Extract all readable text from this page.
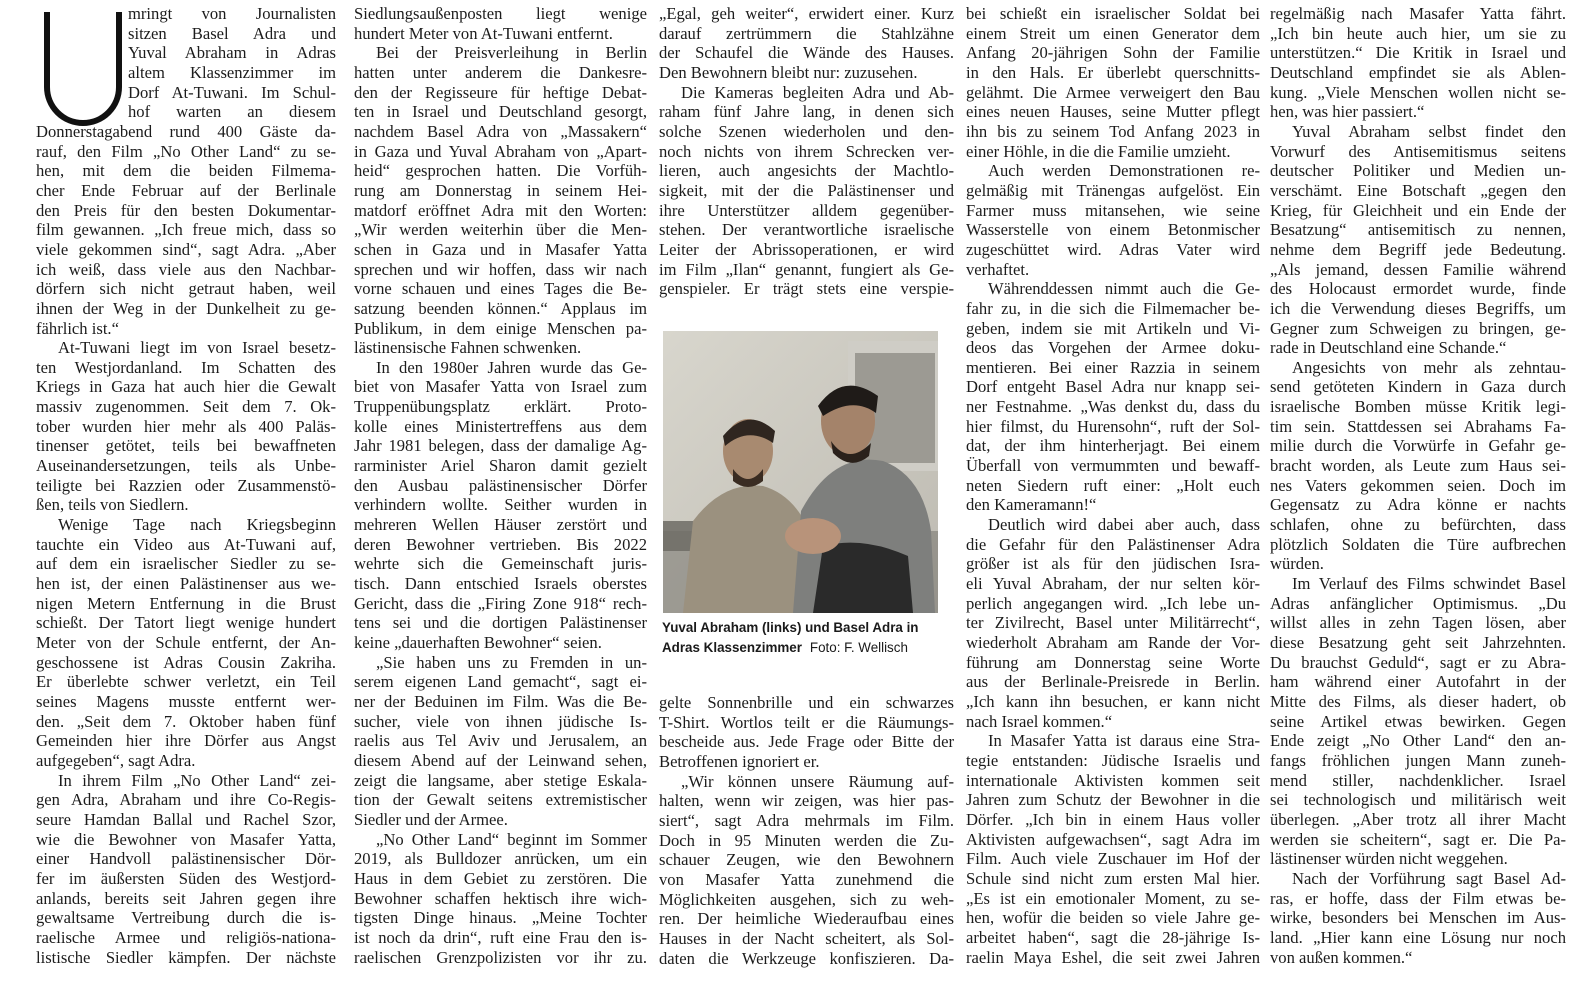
mringt von Journalisten
sitzen Basel Adra und
Yuval Abraham in Adras
altem Klassenzimmer im
Dorf At-Tuwani. Im Schul-
hof warten an diesem
Donnerstagabend rund 400 Gäste da-
rauf, den Film „No Other Land“ zu se-
hen, mit dem die beiden Filmema-
cher Ende Februar auf der Berlinale
den Preis für den besten Dokumentar-
film gewannen. „Ich freue mich, dass so
viele gekommen sind“, sagt Adra. „Aber
ich weiß, dass viele aus den Nachbar-
dörfern sich nicht getraut haben, weil
ihnen der Weg in der Dunkelheit zu ge-
fährlich ist.“
At-Tuwani liegt im von Israel besetz-
ten Westjordanland. Im Schatten des
Kriegs in Gaza hat auch hier die Gewalt
massiv zugenommen. Seit dem 7. Ok-
tober wurden hier mehr als 400 Paläs-
tinenser getötet, teils bei bewaffneten
Auseinandersetzungen, teils als Unbe-
teiligte bei Razzien oder Zusammenstö-
ßen, teils von Siedlern.
Wenige Tage nach Kriegsbeginn
tauchte ein Video aus At-Tuwani auf,
auf dem ein israelischer Siedler zu se-
hen ist, der einen Palästinenser aus we-
nigen Metern Entfernung in die Brust
schießt. Der Tatort liegt wenige hundert
Meter von der Schule entfernt, der An-
geschossene ist Adras Cousin Zakriha.
Er überlebte schwer verletzt, ein Teil
seines Magens musste entfernt wer-
den. „Seit dem 7. Oktober haben fünf
Gemeinden hier ihre Dörfer aus Angst
aufgegeben“, sagt Adra.
In ihrem Film „No Other Land“ zei-
gen Adra, Abraham und ihre Co-Regis-
seure Hamdan Ballal und Rachel Szor,
wie die Bewohner von Masafer Yatta,
einer Handvoll palästinensischer Dör-
fer im äußersten Süden des Westjord-
anlands, bereits seit Jahren gegen ihre
gewaltsame Vertreibung durch die is-
raelische Armee und religiös-nationa-
listische Siedler kämpfen. Der nächste
Siedlungsaußenposten liegt wenige
hundert Meter von At-Tuwani entfernt.
Bei der Preisverleihung in Berlin
hatten unter anderem die Dankesre-
den der Regisseure für heftige Debat-
ten in Israel und Deutschland gesorgt,
nachdem Basel Adra von „Massakern“
in Gaza und Yuval Abraham von „Apart-
heid“ gesprochen hatten. Die Vorfüh-
rung am Donnerstag in seinem Hei-
matdorf eröffnet Adra mit den Worten:
„Wir werden weiterhin über die Men-
schen in Gaza und in Masafer Yatta
sprechen und wir hoffen, dass wir nach
vorne schauen und eines Tages die Be-
satzung beenden können.“ Applaus im
Publikum, in dem einige Menschen pa-
lästinensische Fahnen schwenken.
In den 1980er Jahren wurde das Ge-
biet von Masafer Yatta von Israel zum
Truppenübungsplatz erklärt. Proto-
kolle eines Ministertreffens aus dem
Jahr 1981 belegen, dass der damalige Ag-
rarminister Ariel Sharon damit gezielt
den Ausbau palästinensischer Dörfer
verhindern wollte. Seither wurden in
mehreren Wellen Häuser zerstört und
deren Bewohner vertrieben. Bis 2022
wehrte sich die Gemeinschaft juris-
tisch. Dann entschied Israels oberstes
Gericht, dass die „Firing Zone 918“ rech-
tens sei und die dortigen Palästinenser
keine „dauerhaften Bewohner“ seien.
„Sie haben uns zu Fremden in un-
serem eigenen Land gemacht“, sagt ei-
ner der Beduinen im Film. Was die Be-
sucher, viele von ihnen jüdische Is-
raelis aus Tel Aviv und Jerusalem, an
diesem Abend auf der Leinwand sehen,
zeigt die langsame, aber stetige Eskala-
tion der Gewalt seitens extremistischer
Siedler und der Armee.
„No Other Land“ beginnt im Sommer
2019, als Bulldozer anrücken, um ein
Haus in dem Gebiet zu zerstören. Die
Bewohner schaffen hektisch ihre wich-
tigsten Dinge hinaus. „Meine Tochter
ist noch da drin“, ruft eine Frau den is-
raelischen Grenzpolizisten vor ihr zu.
„Egal, geh weiter“, erwidert einer. Kurz
darauf zertrümmern die Stahlzähne
der Schaufel die Wände des Hauses.
Den Bewohnern bleibt nur: zuzusehen.
Die Kameras begleiten Adra und Ab-
raham fünf Jahre lang, in denen sich
solche Szenen wiederholen und den-
noch nichts von ihrem Schrecken ver-
lieren, auch angesichts der Machtlo-
sigkeit, mit der die Palästinenser und
ihre Unterstützer alldem gegenüber-
stehen. Der verantwortliche israelische
Leiter der Abrissoperationen, er wird
im Film „Ilan“ genannt, fungiert als Ge-
genspieler. Er trägt stets eine verspie-
gelte Sonnenbrille und ein schwarzes
T-Shirt. Wortlos teilt er die Räumungs-
bescheide aus. Jede Frage oder Bitte der
Betroffenen ignoriert er.
„Wir können unsere Räumung auf-
halten, wenn wir zeigen, was hier pas-
siert“, sagt Adra mehrmals im Film.
Doch in 95 Minuten werden die Zu-
schauer Zeugen, wie den Bewohnern
von Masafer Yatta zunehmend die
Möglichkeiten ausgehen, sich zu weh-
ren. Der heimliche Wiederaufbau eines
Hauses in der Nacht scheitert, als Sol-
daten die Werkzeuge konfiszieren. Da-
bei schießt ein israelischer Soldat bei
einem Streit um einen Generator dem
Anfang 20-jährigen Sohn der Familie
in den Hals. Er überlebt querschnitts-
gelähmt. Die Armee verweigert den Bau
eines neuen Hauses, seine Mutter pflegt
ihn bis zu seinem Tod Anfang 2023 in
einer Höhle, in die die Familie umzieht.
Auch werden Demonstrationen re-
gelmäßig mit Tränengas aufgelöst. Ein
Farmer muss mitansehen, wie seine
Wasserstelle von einem Betonmischer
zugeschüttet wird. Adras Vater wird
verhaftet.
Währenddessen nimmt auch die Ge-
fahr zu, in die sich die Filmemacher be-
geben, indem sie mit Artikeln und Vi-
deos das Vorgehen der Armee doku-
mentieren. Bei einer Razzia in seinem
Dorf entgeht Basel Adra nur knapp sei-
ner Festnahme. „Was denkst du, dass du
hier filmst, du Hurensohn“, ruft der Sol-
dat, der ihm hinterherjagt. Bei einem
Überfall von vermummten und bewaff-
neten Siedern ruft einer: „Holt euch
den Kameramann!“
Deutlich wird dabei aber auch, dass
die Gefahr für den Palästinenser Adra
größer ist als für den jüdischen Isra-
eli Yuval Abraham, der nur selten kör-
perlich angegangen wird. „Ich lebe un-
ter Zivilrecht, Basel unter Militärrecht“,
wiederholt Abraham am Rande der Vor-
führung am Donnerstag seine Worte
aus der Berlinale-Preisrede in Berlin.
„Ich kann ihn besuchen, er kann nicht
nach Israel kommen.“
In Masafer Yatta ist daraus eine Stra-
tegie entstanden: Jüdische Israelis und
internationale Aktivisten kommen seit
Jahren zum Schutz der Bewohner in die
Dörfer. „Ich bin in einem Haus voller
Aktivisten aufgewachsen“, sagt Adra im
Film. Auch viele Zuschauer im Hof der
Schule sind nicht zum ersten Mal hier.
„Es ist ein emotionaler Moment, zu se-
hen, wofür die beiden so viele Jahre ge-
arbeitet haben“, sagt die 28-jährige Is-
raelin Maya Eshel, die seit zwei Jahren
regelmäßig nach Masafer Yatta fährt.
„Ich bin heute auch hier, um sie zu
unterstützen.“ Die Kritik in Israel und
Deutschland empfindet sie als Ablen-
kung. „Viele Menschen wollen nicht se-
hen, was hier passiert.“
Yuval Abraham selbst findet den
Vorwurf des Antisemitismus seitens
deutscher Politiker und Medien un-
verschämt. Eine Botschaft „gegen den
Krieg, für Gleichheit und ein Ende der
Besatzung“ antisemitisch zu nennen,
nehme dem Begriff jede Bedeutung.
„Als jemand, dessen Familie während
des Holocaust ermordet wurde, finde
ich die Verwendung dieses Begriffs, um
Gegner zum Schweigen zu bringen, ge-
rade in Deutschland eine Schande.“
Angesichts von mehr als zehntau-
send getöteten Kindern in Gaza durch
israelische Bomben müsse Kritik legi-
tim sein. Stattdessen sei Abrahams Fa-
milie durch die Vorwürfe in Gefahr ge-
bracht worden, als Leute zum Haus sei-
nes Vaters gekommen seien. Doch im
Gegensatz zu Adra könne er nachts
schlafen, ohne zu befürchten, dass
plötzlich Soldaten die Türe aufbrechen
würden.
Im Verlauf des Films schwindet Basel
Adras anfänglicher Optimismus. „Du
willst alles in zehn Tagen lösen, aber
diese Besatzung geht seit Jahrzehnten.
Du brauchst Geduld“, sagt er zu Abra-
ham während einer Autofahrt in der
Mitte des Films, als dieser hadert, ob
seine Artikel etwas bewirken. Gegen
Ende zeigt „No Other Land“ den an-
fangs fröhlichen jungen Mann zuneh-
mend stiller, nachdenklicher. Israel
sei technologisch und militärisch weit
überlegen. „Aber trotz all ihrer Macht
werden sie scheitern“, sagt er. Die Pa-
lästinenser würden nicht weggehen.
Nach der Vorführung sagt Basel Ad-
ras, er hoffe, dass der Film etwas be-
wirke, besonders bei Menschen im Aus-
land. „Hier kann eine Lösung nur noch
von außen kommen.“
Yuval Abraham (links) und Basel Adra in Adras Klassenzimmer Foto: F. Wellisch
